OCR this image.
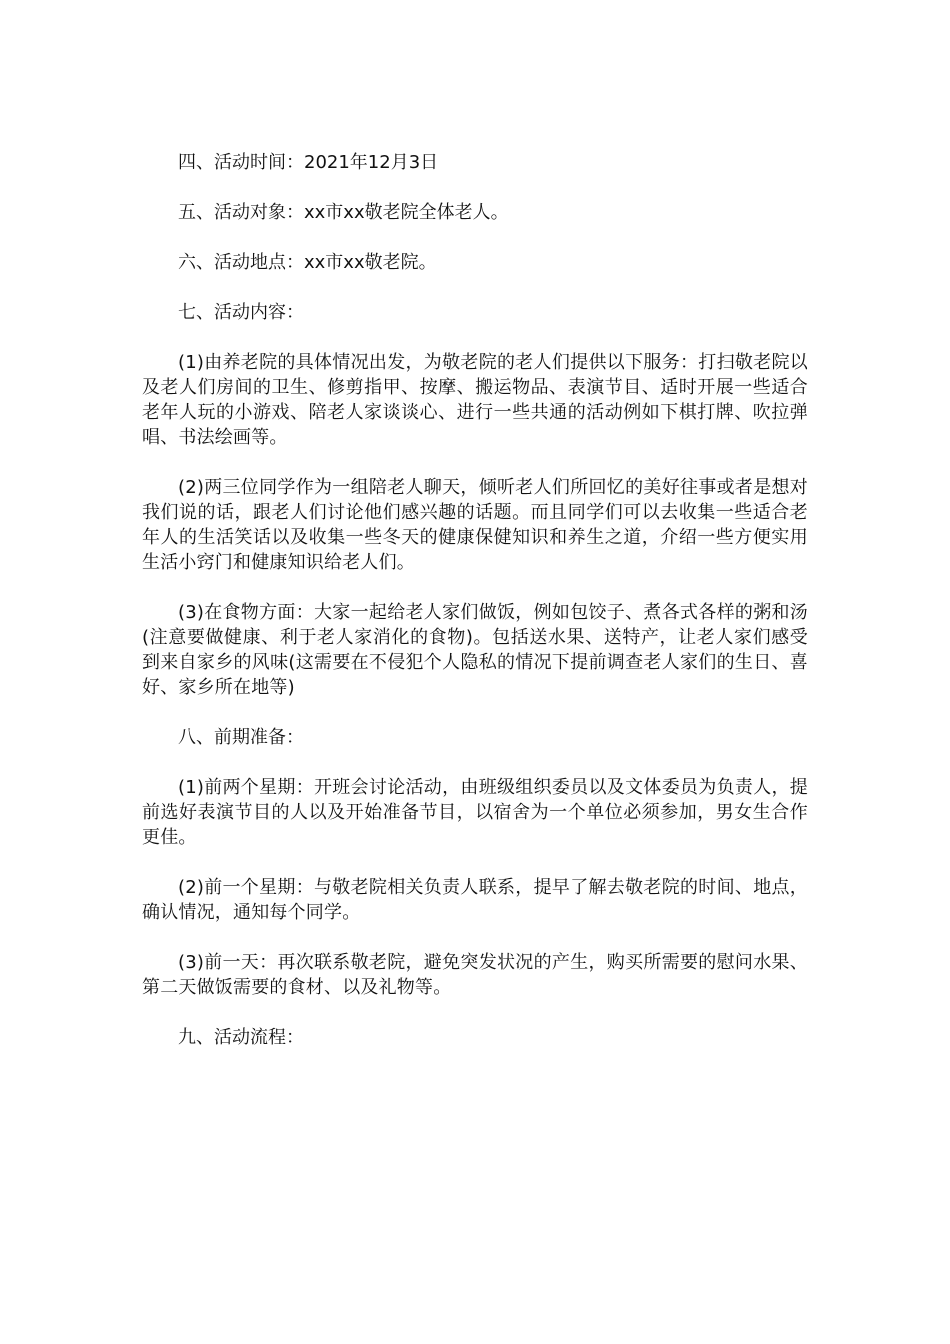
四、活动时间：2021年12月3日

五、活动对象：xx市xx敬老院全体老人。

六、活动地点：xx市xx敬老院。

七、活动内容：

(1)由养老院的具体情况出发，为敬老院的老人们提供以下服务：打扫敬老院以及老人们房间的卫生、修剪指甲、按摩、搬运物品、表演节目、适时开展一些适合老年人玩的小游戏、陪老人家谈谈心、进行一些共通的活动例如下棋打牌、吹拉弹唱、书法绘画等。

(2)两三位同学作为一组陪老人聊天，倾听老人们所回忆的美好往事或者是想对我们说的话，跟老人们讨论他们感兴趣的话题。而且同学们可以去收集一些适合老年人的生活笑话以及收集一些冬天的健康保健知识和养生之道，介绍一些方便实用生活小窍门和健康知识给老人们。

(3)在食物方面：大家一起给老人家们做饭，例如包饺子、煮各式各样的粥和汤(注意要做健康、利于老人家消化的食物)。包括送水果、送特产，让老人家们感受到来自家乡的风味(这需要在不侵犯个人隐私的情况下提前调查老人家们的生日、喜好、家乡所在地等)

八、前期准备：

(1)前两个星期：开班会讨论活动，由班级组织委员以及文体委员为负责人，提前选好表演节目的人以及开始准备节目，以宿舍为一个单位必须参加，男女生合作更佳。

(2)前一个星期：与敬老院相关负责人联系，提早了解去敬老院的时间、地点，确认情况，通知每个同学。

(3)前一天：再次联系敬老院，避免突发状况的产生，购买所需要的慰问水果、第二天做饭需要的食材、以及礼物等。

九、活动流程：
